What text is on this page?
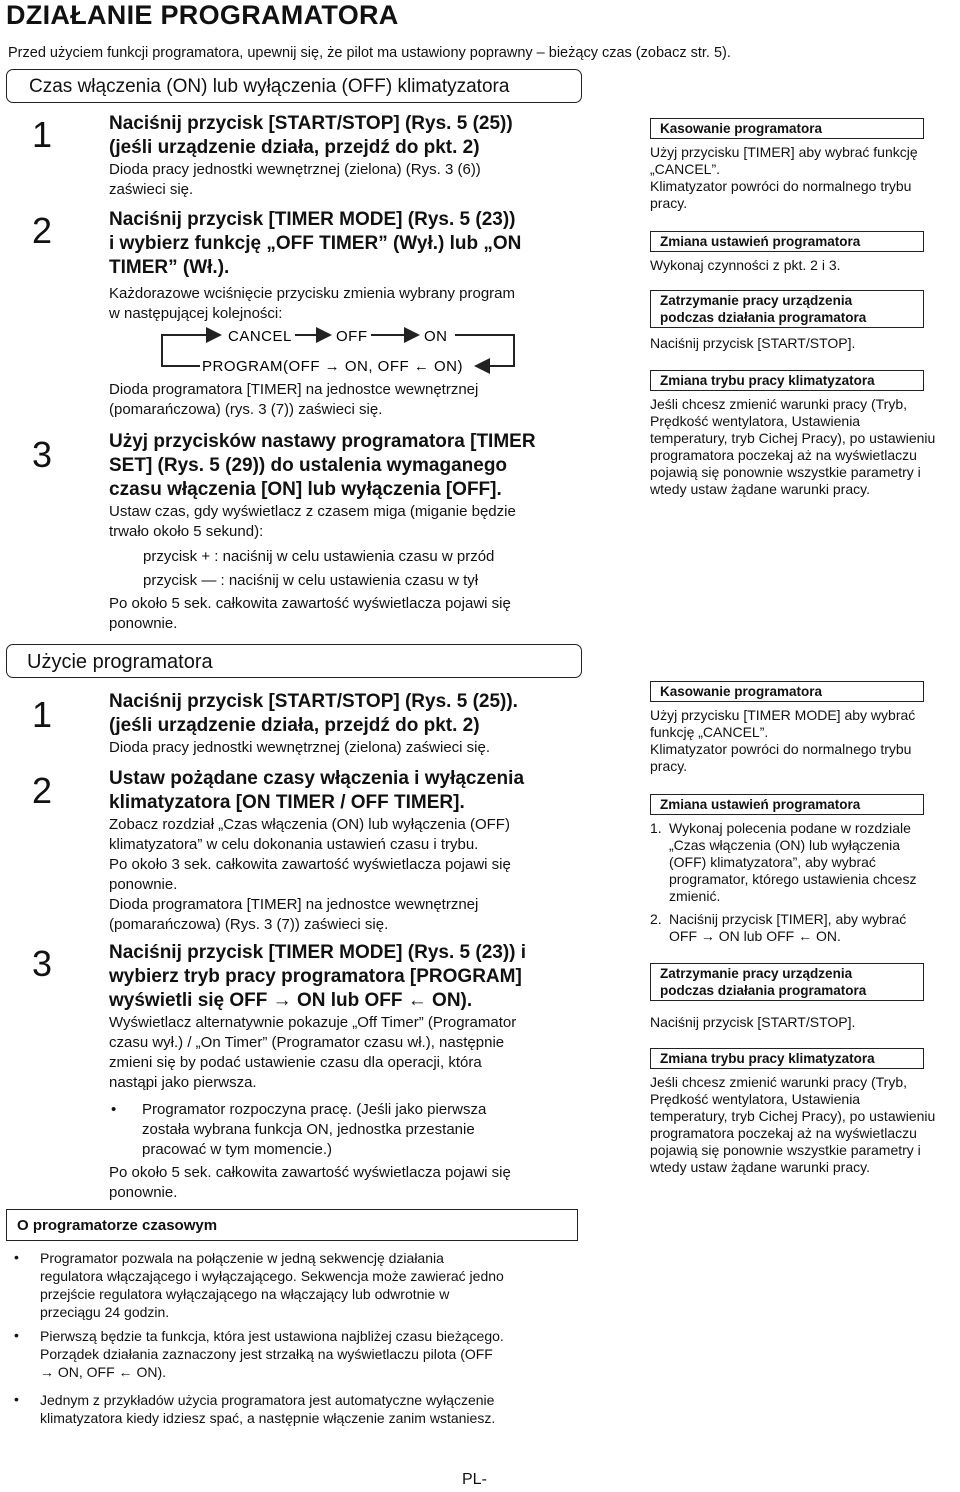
DZIAŁANIE PROGRAMATORA
Przed użyciem funkcji programatora, upewnij się, że pilot ma ustawiony poprawny – bieżący czas (zobacz str. 5).
Czas włączenia (ON) lub wyłączenia (OFF) klimatyzatora
1	Naciśnij przycisk [START/STOP] (Rys. 5 (25))
(jeśli urządzenie działa, przejdź do pkt. 2)
Dioda pracy jednostki wewnętrznej (zielona) (Rys. 3 (6))
zaświeci się.
2	Naciśnij przycisk [TIMER MODE] (Rys. 5 (23))
i wybierz funkcję „OFF TIMER” (Wył.) lub „ON
TIMER” (Wł.).
Każdorazowe wciśnięcie przycisku zmienia wybrany program
w następującej kolejności:
CANCEL	OFF	ON
PROGRAM(OFF → ON, OFF ← ON)
Dioda programatora [TIMER] na jednostce wewnętrznej
(pomarańczowa) (rys. 3 (7)) zaświeci się.
3	Użyj przycisków nastawy programatora [TIMER
SET] (Rys. 5 (29)) do ustalenia wymaganego
czasu włączenia [ON] lub wyłączenia [OFF].
Ustaw czas, gdy wyświetlacz z czasem miga (miganie będzie
trwało około 5 sekund):
przycisk + : naciśnij w celu ustawienia czasu w przód
przycisk — : naciśnij w celu ustawienia czasu w tył
Po około 5 sek. całkowita zawartość wyświetlacza pojawi się
ponownie.
Kasowanie programatora
Użyj przycisku [TIMER] aby wybrać funkcję
„CANCEL”.
Klimatyzator powróci do normalnego trybu
pracy.
Zmiana ustawień programatora
Wykonaj czynności z pkt. 2 i 3.
Zatrzymanie pracy urządzenia
podczas działania programatora
Naciśnij przycisk [START/STOP].
Zmiana trybu pracy klimatyzatora
Jeśli chcesz zmienić warunki pracy (Tryb,
Prędkość wentylatora, Ustawienia
temperatury, tryb Cichej Pracy), po ustawieniu
programatora poczekaj aż na wyświetlaczu
pojawią się ponownie wszystkie parametry i
wtedy ustaw żądane warunki pracy.
Użycie programatora
1	Naciśnij przycisk [START/STOP] (Rys. 5 (25)).
(jeśli urządzenie działa, przejdź do pkt. 2)
Dioda pracy jednostki wewnętrznej (zielona) zaświeci się.
2	Ustaw pożądane czasy włączenia i wyłączenia
klimatyzatora [ON TIMER / OFF TIMER].
Zobacz rozdział „Czas włączenia (ON) lub wyłączenia (OFF)
klimatyzatora” w celu dokonania ustawień czasu i trybu.
Po około 3 sek. całkowita zawartość wyświetlacza pojawi się
ponownie.
Dioda programatora [TIMER] na jednostce wewnętrznej
(pomarańczowa) (Rys. 3 (7)) zaświeci się.
3	Naciśnij przycisk [TIMER MODE] (Rys. 5 (23)) i
wybierz tryb pracy programatora [PROGRAM]
wyświetli się OFF → ON lub OFF ← ON).
Wyświetlacz alternatywnie pokazuje „Off Timer” (Programator
czasu wył.) / „On Timer” (Programator czasu wł.), następnie
zmieni się by podać ustawienie czasu dla operacji, która
nastąpi jako pierwsza.
• Programator rozpoczyna pracę. (Jeśli jako pierwsza
została wybrana funkcja ON, jednostka przestanie
pracować w tym momencie.)
Po około 5 sek. całkowita zawartość wyświetlacza pojawi się
ponownie.
Kasowanie programatora
Użyj przycisku [TIMER MODE] aby wybrać
funkcję „CANCEL”.
Klimatyzator powróci do normalnego trybu
pracy.
Zmiana ustawień programatora
1. Wykonaj polecenia podane w rozdziale
„Czas włączenia (ON) lub wyłączenia
(OFF) klimatyzatora”, aby wybrać
programator, którego ustawienia chcesz
zmienić.
2. Naciśnij przycisk [TIMER], aby wybrać
OFF → ON lub OFF ← ON.
Zatrzymanie pracy urządzenia
podczas działania programatora
Naciśnij przycisk [START/STOP].
Zmiana trybu pracy klimatyzatora
Jeśli chcesz zmienić warunki pracy (Tryb,
Prędkość wentylatora, Ustawienia
temperatury, tryb Cichej Pracy), po ustawieniu
programatora poczekaj aż na wyświetlaczu
pojawią się ponownie wszystkie parametry i
wtedy ustaw żądane warunki pracy.
O programatorze czasowym
• Programator pozwala na połączenie w jedną sekwencję działania
regulatora włączającego i wyłączającego. Sekwencja może zawierać jedno
przejście regulatora wyłączającego na włączający lub odwrotnie w
przeciągu 24 godzin.
• Pierwszą będzie ta funkcja, która jest ustawiona najbliżej czasu bieżącego.
Porządek działania zaznaczony jest strzałką na wyświetlaczu pilota (OFF
→ ON, OFF ← ON).
• Jednym z przykładów użycia programatora jest automatyczne wyłączenie
klimatyzatora kiedy idziesz spać, a następnie włączenie zanim wstaniesz.
PL-
